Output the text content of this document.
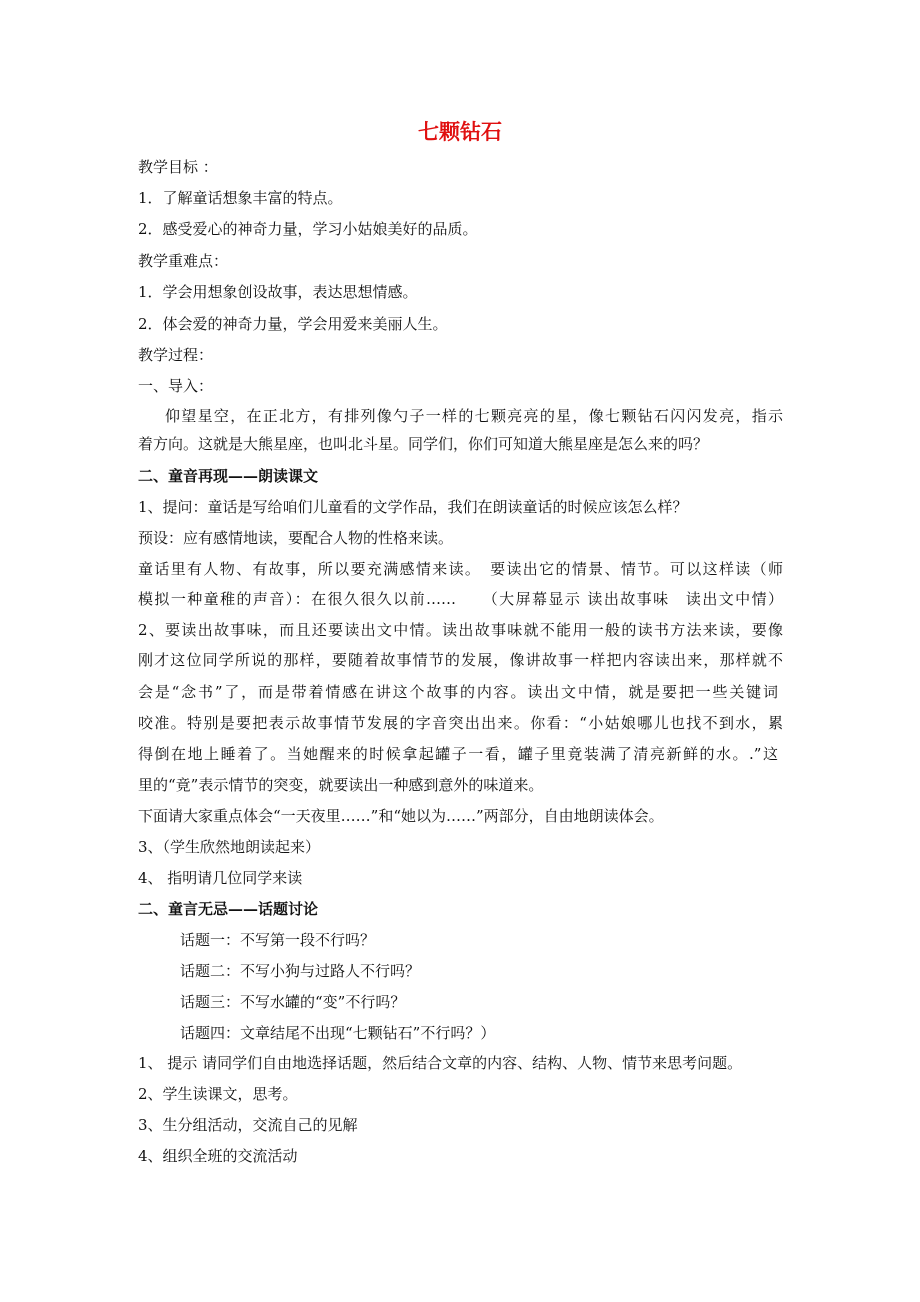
七颗钻石
教学目标 ：
1．了解童话想象丰富的特点。
2．感受爱心的神奇力量，学习小姑娘美好的品质。
教学重难点：
1．学会用想象创设故事，表达思想情感。
2．体会爱的神奇力量，学会用爱来美丽人生。
教学过程：
一、导入：
仰望星空，在正北方，有排列像勺子一样的七颗亮亮的星，像七颗钻石闪闪发亮，指示
着方向。这就是大熊星座，也叫北斗星。同学们，你们可知道大熊星座是怎么来的吗？
二、童音再现——朗读课文
1、提问：童话是写给咱们儿童看的文学作品，我们在朗读童话的时候应该怎么样？
预设：应有感情地读，要配合人物的性格来读。
童话里有人物、有故事，所以要充满感情来读。　要读出它的情景、情节。可以这样读（师
模拟一种童稚的声音）：在很久很久以前……　　（大屏幕显示 读出故事味　读出文中情）
2、要读出故事味，而且还要读出文中情。读出故事味就不能用一般的读书方法来读，要像
刚才这位同学所说的那样，要随着故事情节的发展，像讲故事一样把内容读出来，那样就不
会是“念书”了，而是带着情感在讲这个故事的内容。读出文中情，就是要把一些关键词
咬准。特别是要把表示故事情节发展的字音突出出来。你看：“小姑娘哪儿也找不到水，累
得倒在地上睡着了。当她醒来的时候拿起罐子一看，罐子里竟装满了清亮新鲜的水。.”这
里的“竟”表示情节的突变，就要读出一种感到意外的味道来。
下面请大家重点体会“一天夜里……”和“她以为……”两部分，自由地朗读体会。
3、（学生欣然地朗读起来）
4、 指明请几位同学来读
二、童言无忌——话题讨论
话题一：不写第一段不行吗？
话题二：不写小狗与过路人不行吗？
话题三：不写水罐的“变”不行吗？
话题四：文章结尾不出现“七颗钻石”不行吗？）
1、 提示 请同学们自由地选择话题，然后结合文章的内容、结构、人物、情节来思考问题。
2、学生读课文，思考。
3、生分组活动，交流自己的见解
4、组织全班的交流活动
